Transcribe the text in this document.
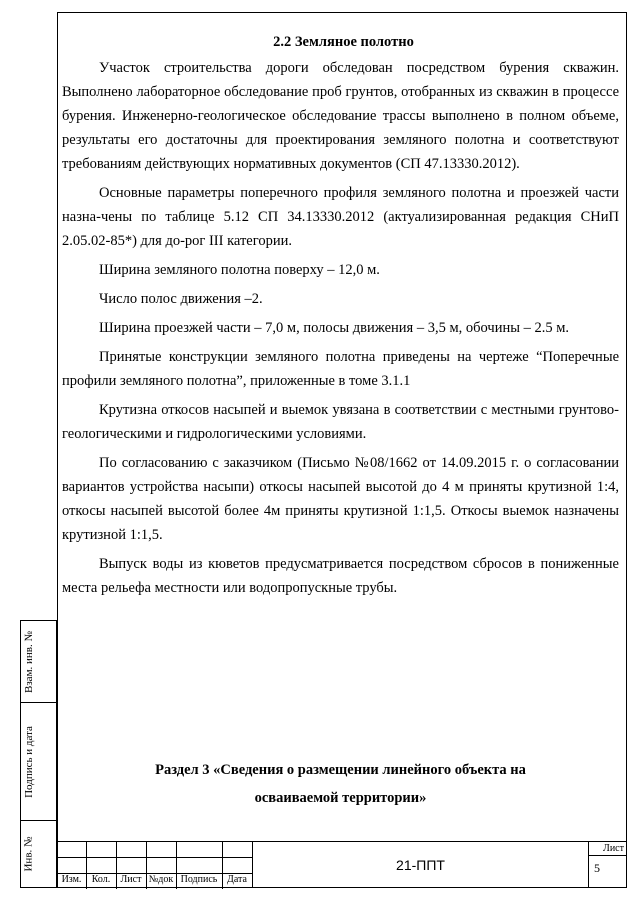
2.2 Земляное полотно

Участок строительства дороги обследован посредством бурения скважин. Выполнено лабораторное обследование проб грунтов, отобранных из скважин в процессе бурения. Инженерно-геологическое обследование трассы выполнено в полном объеме, результаты его достаточны для проектирования земляного полотна и соответствуют требованиям действующих нормативных документов (СП 47.13330.2012).

Основные параметры поперечного профиля земляного полотна и проезжей части назна-чены по таблице 5.12 СП 34.13330.2012 (актуализированная редакция СНиП 2.05.02-85*) для до-рог III категории.

Ширина земляного полотна поверху – 12,0 м.

Число полос движения –2.

Ширина проезжей части – 7,0 м, полосы движения – 3,5 м, обочины – 2.5 м.

Принятые конструкции земляного полотна приведены на чертеже “Поперечные профили земляного полотна”, приложенные в томе 3.1.1

Крутизна откосов насыпей и выемок увязана в соответствии с местными грунтово-геологическими и гидрологическими условиями.

По согласованию с заказчиком (Письмо №08/1662 от 14.09.2015 г. о согласовании вариантов устройства насыпи) откосы насыпей высотой до 4 м приняты крутизной 1:4, откосы насыпей высотой более 4м приняты крутизной 1:1,5. Откосы выемок назначены крутизной 1:1,5.

Выпуск воды из кюветов предусматривается посредством сбросов в пониженные места рельефа местности или водопропускные трубы.

Раздел 3 «Сведения о размещении линейного объекта на
осваиваемой территории»
Взам. инв. №
Подпись и дата
Инв. №
Изм.	Кол.	Лист №док Подпись Дата
21-ППТ
Лист
5
